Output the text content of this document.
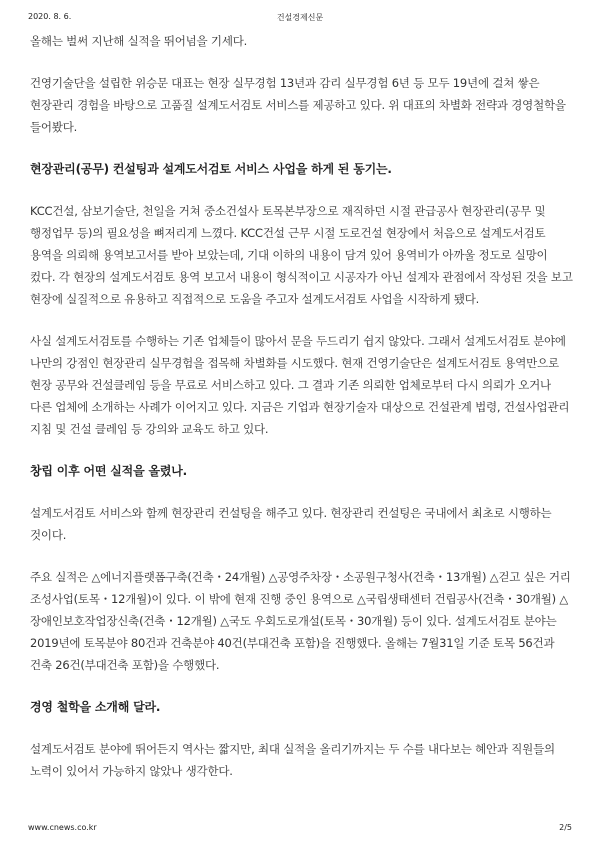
2020. 8. 6.	건설경제신문

올해는 벌써 지난해 실적을 뛰어넘을 기세다.

건영기술단을 설립한 위승문 대표는 현장 실무경험 13년과 감리 실무경험 6년 등 모두 19년에 걸쳐 쌓은 현장관리 경험을 바탕으로 고품질 설계도서검토 서비스를 제공하고 있다. 위 대표의 차별화 전략과 경영철학을 들어봤다.

현장관리(공무) 컨설팅과 설계도서검토 서비스 사업을 하게 된 동기는.

KCC건설, 삼보기술단, 천일을 거쳐 중소건설사 토목본부장으로 재직하던 시절 관급공사 현장관리(공무 및 행정업무 등)의 필요성을 뼈저리게 느꼈다. KCC건설 근무 시절 도로건설 현장에서 처음으로 설계도서검토 용역을 의뢰해 용역보고서를 받아 보았는데, 기대 이하의 내용이 담겨 있어 용역비가 아까울 정도로 실망이 컸다. 각 현장의 설계도서검토 용역 보고서 내용이 형식적이고 시공자가 아닌 설계자 관점에서 작성된 것을 보고 현장에 실질적으로 유용하고 직접적으로 도움을 주고자 설계도서검토 사업을 시작하게 됐다.

사실 설계도서검토를 수행하는 기존 업체들이 많아서 문을 두드리기 쉽지 않았다. 그래서 설계도서검토 분야에 나만의 강점인 현장관리 실무경험을 접목해 차별화를 시도했다. 현재 건영기술단은 설계도서검토 용역만으로 현장 공무와 건설클레임 등을 무료로 서비스하고 있다. 그 결과 기존 의뢰한 업체로부터 다시 의뢰가 오거나 다른 업체에 소개하는 사례가 이어지고 있다. 지금은 기업과 현장기술자 대상으로 건설관계 법령, 건설사업관리 지침 및 건설 클레임 등 강의와 교육도 하고 있다.

창립 이후 어떤 실적을 올렸나.

설계도서검토 서비스와 함께 현장관리 컨설팅을 해주고 있다. 현장관리 컨설팅은 국내에서 최초로 시행하는 것이다.

주요 실적은 △에너지플랫폼구축(건축・24개월) △공영주차장・소공원구청사(건축・13개월) △걷고 싶은 거리 조성사업(토목・12개월)이 있다. 이 밖에 현재 진행 중인 용역으로 △국립생태센터 건립공사(건축・30개월) △장애인보호작업장신축(건축・12개월) △국도 우회도로개설(토목・30개월) 등이 있다. 설계도서검토 분야는 2019년에 토목분야 80건과 건축분야 40건(부대건축 포함)을 진행했다. 올해는 7월31일 기준 토목 56건과 건축 26건(부대건축 포함)을 수행했다.

경영 철학을 소개해 달라.

설계도서검토 분야에 뛰어든지 역사는 짧지만, 최대 실적을 올리기까지는 두 수를 내다보는 혜안과 직원들의 노력이 있어서 가능하지 않았나 생각한다.

www.cnews.co.kr	2/5
